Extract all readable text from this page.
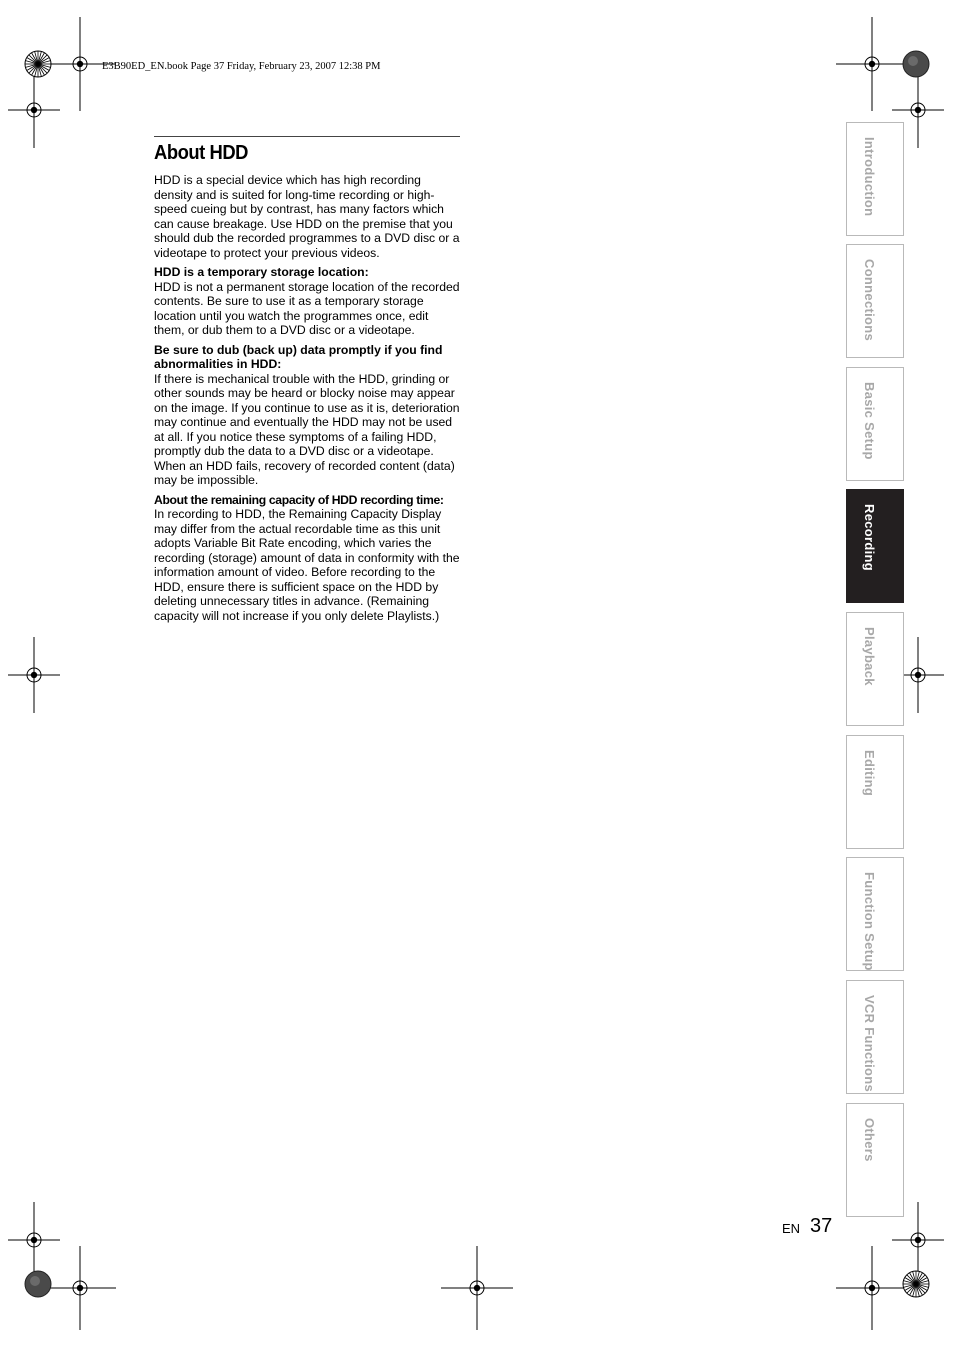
E3B90ED_EN.book Page 37 Friday, February 23, 2007 12:38 PM
About HDD

HDD is a special device which has high recording density and is suited for long-time recording or high-speed cueing but by contrast, has many factors which can cause breakage. Use HDD on the premise that you should dub the recorded programmes to a DVD disc or a videotape to protect your previous videos.

HDD is a temporary storage location:

HDD is not a permanent storage location of the recorded contents. Be sure to use it as a temporary storage location until you watch the programmes once, edit them, or dub them to a DVD disc or a videotape.

Be sure to dub (back up) data promptly if you find abnormalities in HDD:

If there is mechanical trouble with the HDD, grinding or other sounds may be heard or blocky noise may appear on the image. If you continue to use as it is, deterioration may continue and eventually the HDD may not be used at all. If you notice these symptoms of a failing HDD, promptly dub the data to a DVD disc or a videotape.

When an HDD fails, recovery of recorded content (data) may be impossible.

About the remaining capacity of HDD recording time:

In recording to HDD, the Remaining Capacity Display may differ from the actual recordable time as this unit adopts Variable Bit Rate encoding, which varies the recording (storage) amount of data in conformity with the information amount of video. Before recording to the HDD, ensure there is sufficient space on the HDD by deleting unnecessary titles in advance. (Remaining capacity will not increase if you only delete Playlists.)

Introduction
Connections
Basic Setup
Recording
Playback
Editing
Function Setup
VCR Functions
Others
EN 37
